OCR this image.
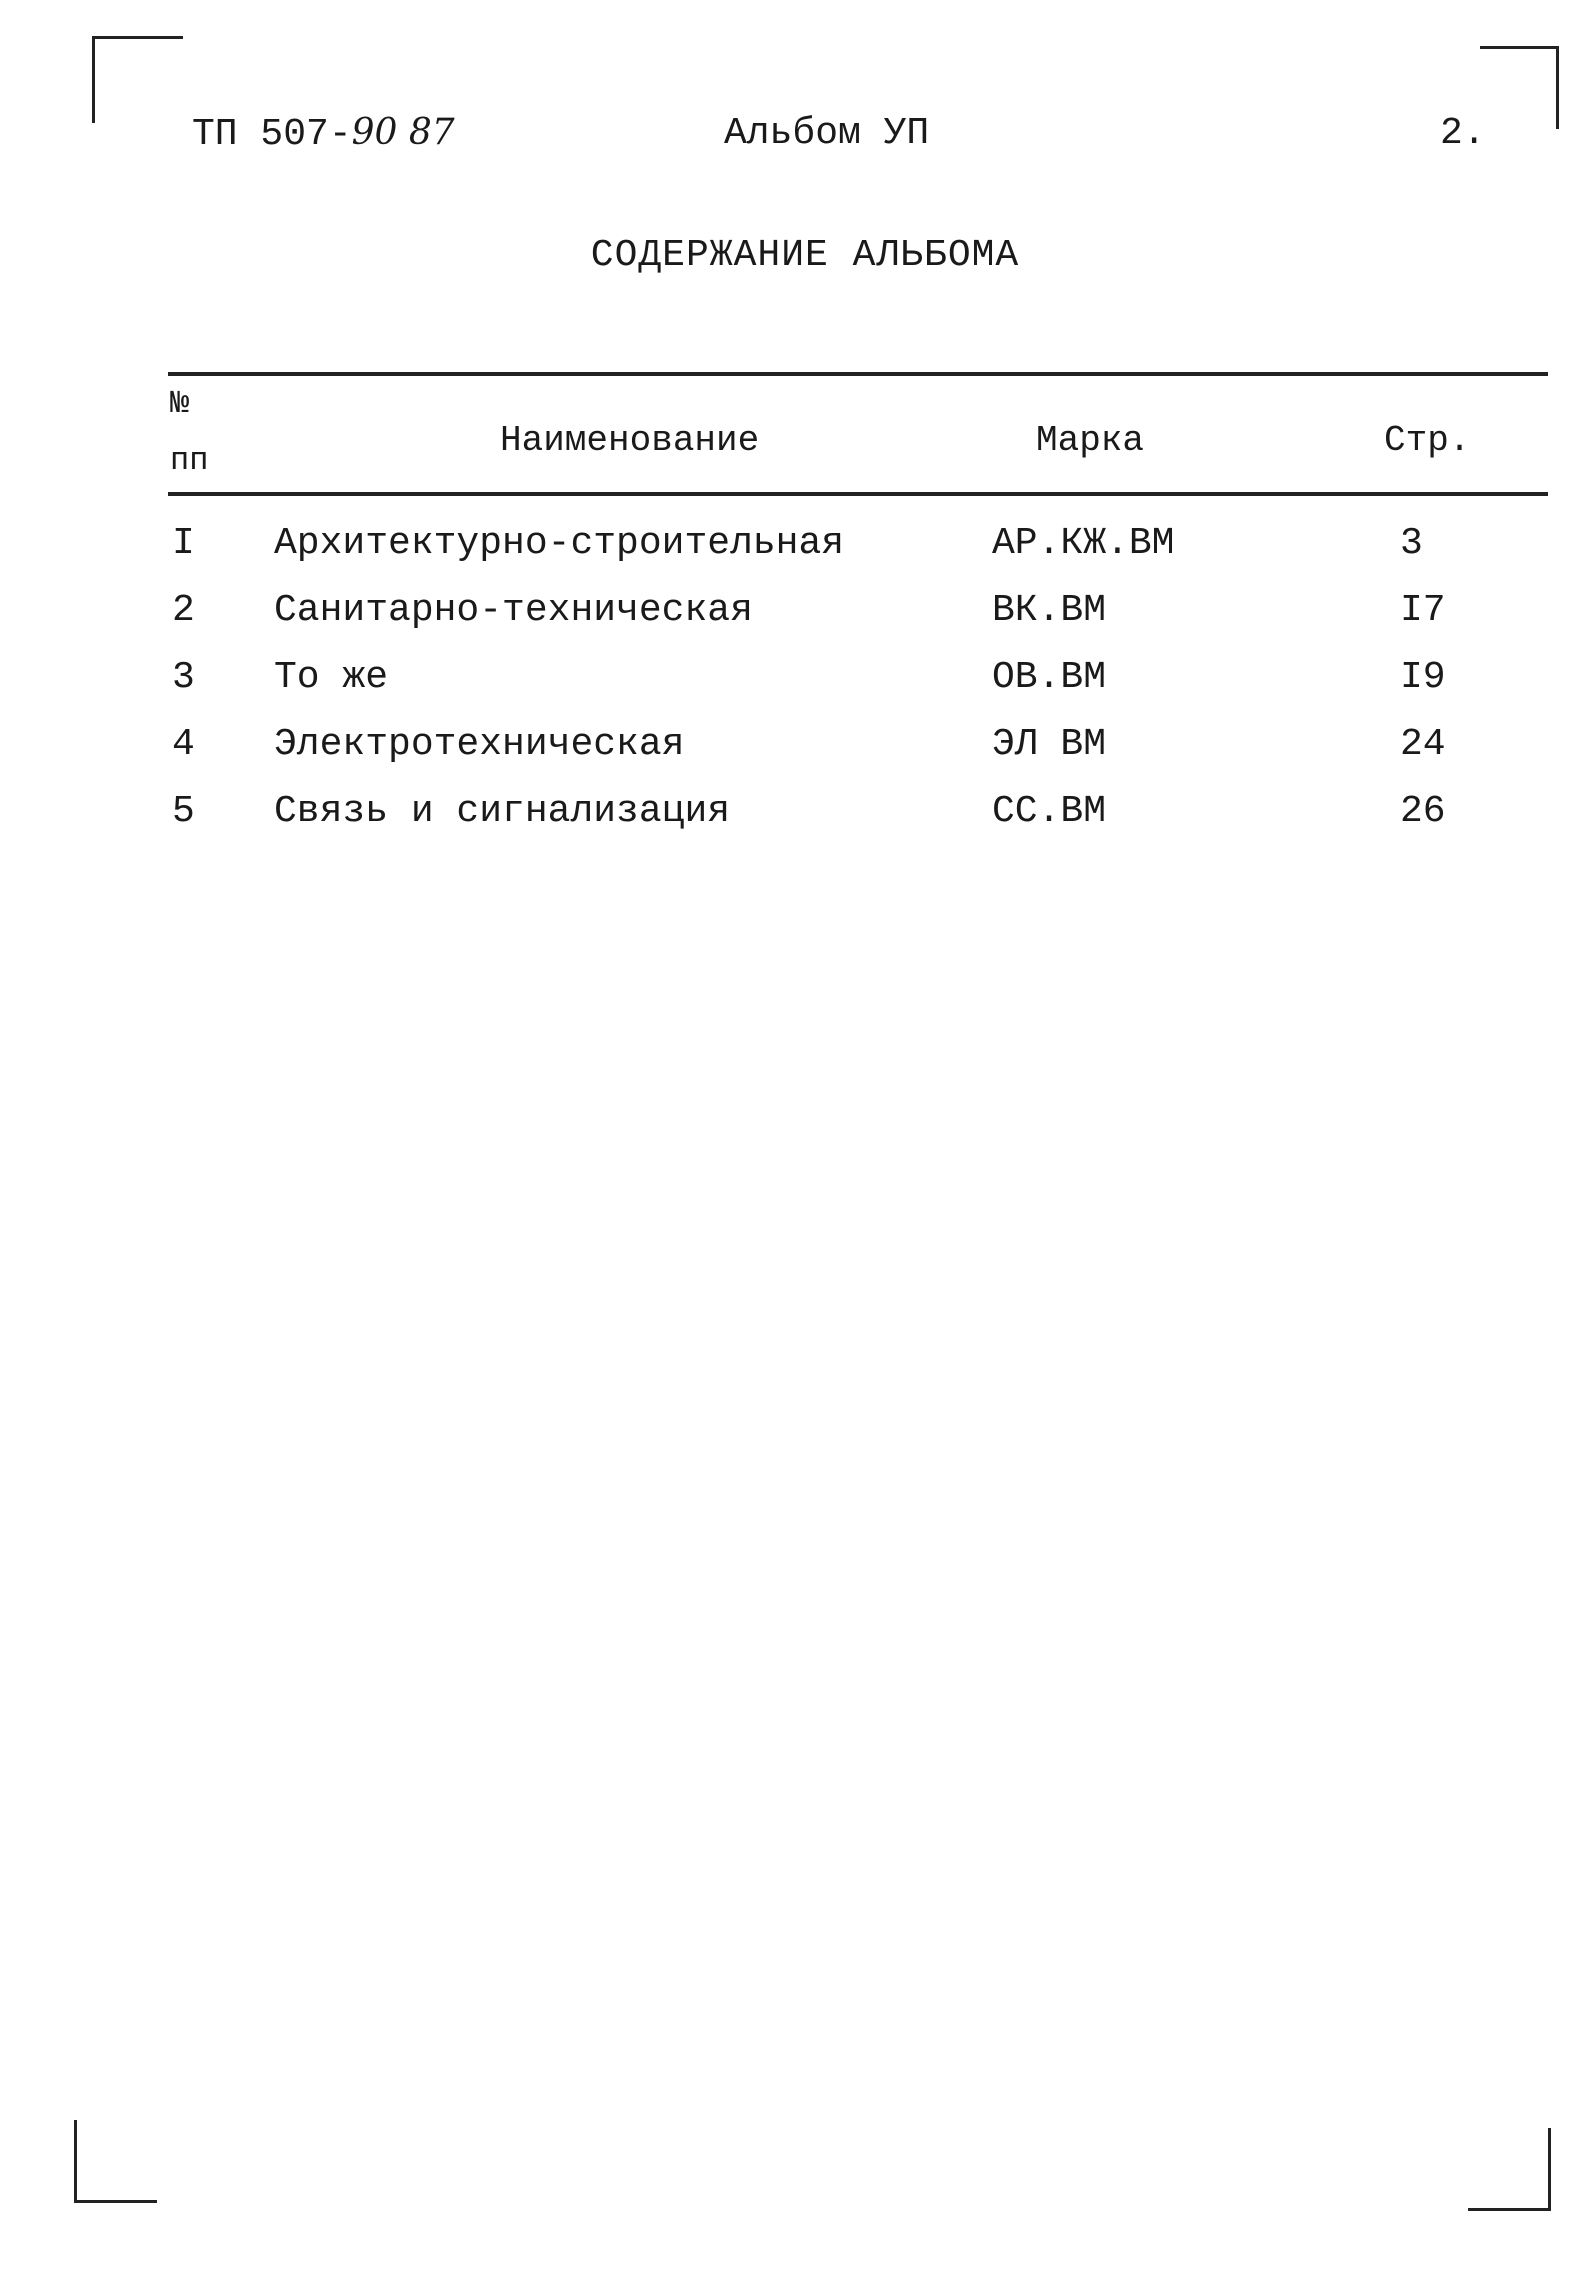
ТП 507-90 87	Альбом УП	2.
СОДЕРЖАНИЕ АЛЬБОМА
№
пп	Наименование	Марка	Стр.
I Архитектурно-строительная	АР.КЖ.ВМ	3
2 Санитарно-техническая	ВК.ВМ	I7
3 То же	ОВ.ВМ	I9
4 Электротехническая	ЭЛ ВМ	24
5 Связь и сигнализация	СС.ВМ	26
